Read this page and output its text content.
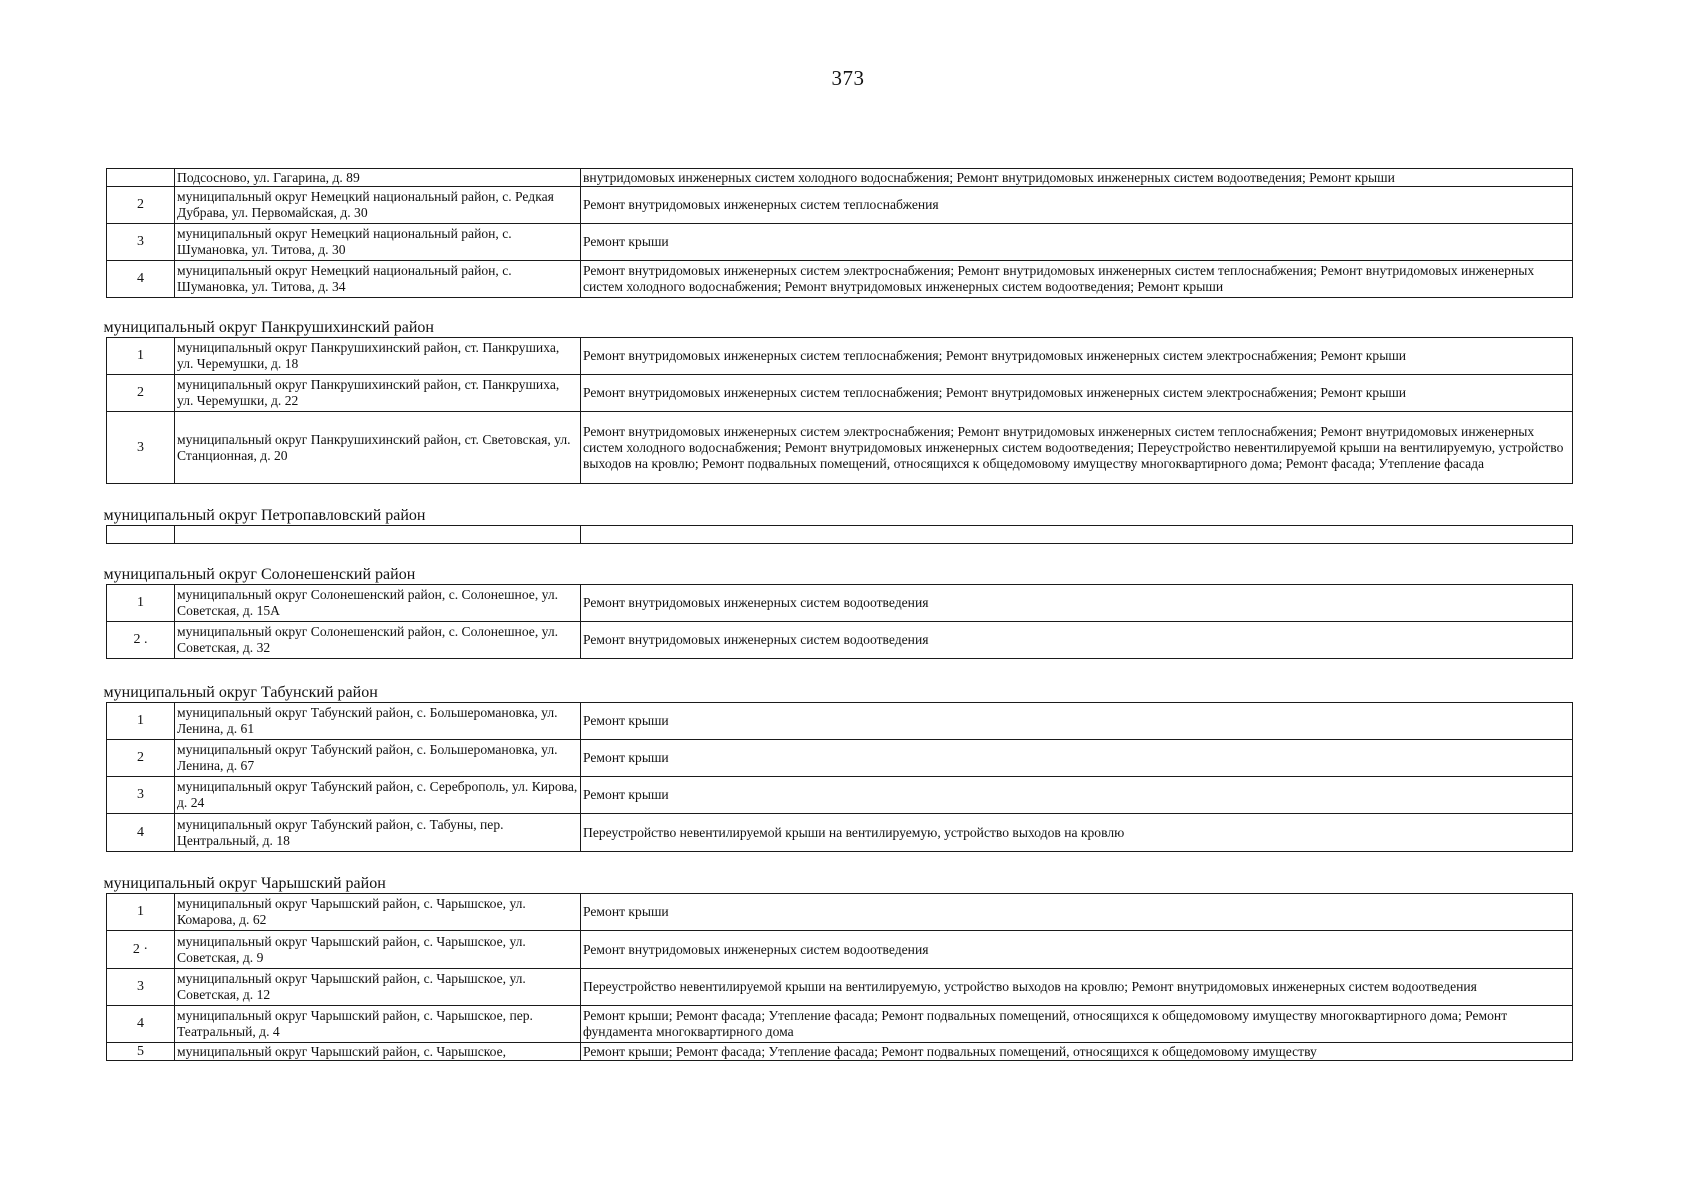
373
	Подсосново, ул. Гагарина, д. 89	внутридомовых инженерных систем холодного водоснабжения; Ремонт внутридомовых инженерных систем водоотведения; Ремонт крыши
2	муниципальный округ Немецкий национальный район, с. Редкая Дубрава, ул. Первомайская, д. 30	Ремонт внутридомовых инженерных систем теплоснабжения
3	муниципальный округ Немецкий национальный район, с. Шумановка, ул. Титова, д. 30	Ремонт крыши
4	муниципальный округ Немецкий национальный район, с. Шумановка, ул. Титова, д. 34	Ремонт внутридомовых инженерных систем электроснабжения; Ремонт внутридомовых инженерных систем теплоснабжения; Ремонт внутридомовых инженерных систем холодного водоснабжения; Ремонт внутридомовых инженерных систем водоотведения; Ремонт крыши
муниципальный округ Панкрушихинский район		
1	муниципальный округ Панкрушихинский район, ст. Панкрушиха, ул. Черемушки, д. 18	Ремонт внутридомовых инженерных систем теплоснабжения; Ремонт внутридомовых инженерных систем электроснабжения; Ремонт крыши
2	муниципальный округ Панкрушихинский район, ст. Панкрушиха, ул. Черемушки, д. 22	Ремонт внутридомовых инженерных систем теплоснабжения; Ремонт внутридомовых инженерных систем электроснабжения; Ремонт крыши
3	муниципальный округ Панкрушихинский район, ст. Световская, ул. Станционная, д. 20	Ремонт внутридомовых инженерных систем электроснабжения; Ремонт внутридомовых инженерных систем теплоснабжения; Ремонт внутридомовых инженерных систем холодного водоснабжения; Ремонт внутридомовых инженерных систем водоотведения; Переустройство невентилируемой крыши на вентилируемую, устройство выходов на кровлю; Ремонт подвальных помещений, относящихся к общедомовому имуществу многоквартирного дома; Ремонт фасада; Утепление фасада
муниципальный округ Петропавловский район		

муниципальный округ Солонешенский район		
1	муниципальный округ Солонешенский район, с. Солонешное, ул. Советская, д. 15А	Ремонт внутридомовых инженерных систем водоотведения
2 .	муниципальный округ Солонешенский район, с. Солонешное, ул. Советская, д. 32	Ремонт внутридомовых инженерных систем водоотведения
муниципальный округ Табунский район		
1	муниципальный округ Табунский район, с. Большеромановка, ул. Ленина, д. 61	Ремонт крыши
2	муниципальный округ Табунский район, с. Большеромановка, ул. Ленина, д. 67	Ремонт крыши
3	муниципальный округ Табунский район, с. Сереброполь, ул. Кирова, д. 24	Ремонт крыши
4	муниципальный округ Табунский район, с. Табуны, пер. Центральный, д. 18	Переустройство невентилируемой крыши на вентилируемую, устройство выходов на кровлю
муниципальный округ Чарышский район		
1	муниципальный округ Чарышский район, с. Чарышское, ул. Комарова, д. 62	Ремонт крыши
2 ·	муниципальный округ Чарышский район, с. Чарышское, ул. Советская, д. 9	Ремонт внутридомовых инженерных систем водоотведения
3	муниципальный округ Чарышский район, с. Чарышское, ул. Советская, д. 12	Переустройство невентилируемой крыши на вентилируемую, устройство выходов на кровлю; Ремонт внутридомовых инженерных систем водоотведения
4	муниципальный округ Чарышский район, с. Чарышское, пер. Театральный, д. 4	Ремонт крыши; Ремонт фасада; Утепление фасада; Ремонт подвальных помещений, относящихся к общедомовому имуществу многоквартирного дома; Ремонт фундамента многоквартирного дома
5	муниципальный округ Чарышский район, с. Чарышское,	Ремонт крыши; Ремонт фасада; Утепление фасада; Ремонт подвальных помещений, относящихся к общедомовому имуществу
